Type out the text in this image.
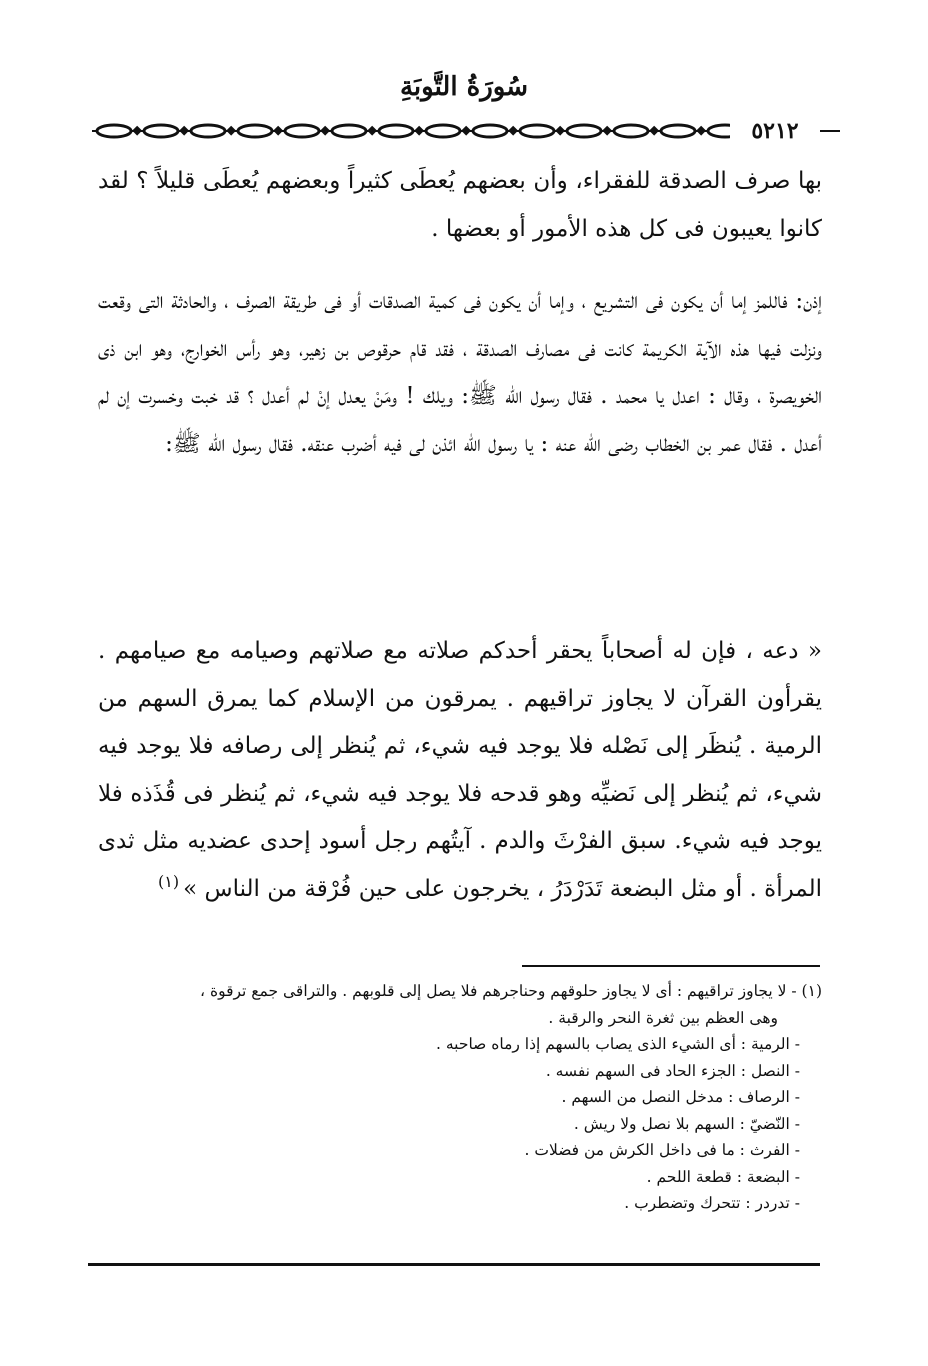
سُورَةُ التَّوبَةِ
٥٢١٢

بها صرف الصدقة للفقراء، وأن بعضهم يُعطَى كثيراً وبعضهم يُعطَى قليلاً ؟ لقد كانوا يعيبون فى كل هذه الأمور أو بعضها .

إذن: فاللمز إما أن يكون فى التشريع ، وإما أن يكون فى كمية الصدقات أو فى طريقة الصرف ، والحادثة التى وقعت ونزلت فيها هذه الآية الكريمة كانت فى مصارف الصدقة ، فقد قام حرقوص بن زهير، وهو رأس الخوارج، وهو ابن ذى الخويصرة ، وقال : اعدل يا محمد . فقال رسول الله ﷺ: ويلك ! ومَنْ يعدل إنْ لم أعدل ؟ قد خبت وخسرت إن لم أعدل . فقال عمر بن الخطاب رضى الله عنه : يا رسول الله ائذن لى فيه أضرب عنقه. فقال رسول الله ﷺ:

« دعه ، فإن له أصحاباً يحقر أحدكم صلاته مع صلاتهم وصيامه مع صيامهم . يقرأون القرآن لا يجاوز تراقيهم . يمرقون من الإسلام كما يمرق السهم من الرمية . يُنظَر إلى نَصْله فلا يوجد فيه شيء، ثم يُنظر إلى رصافه فلا يوجد فيه شيء، ثم يُنظر إلى نَضيِّه وهو قدحه فلا يوجد فيه شيء، ثم يُنظر فى قُذَذه فلا يوجد فيه شيء. سبق الفرْثَ والدم . آيتُهم رجل أسود إحدى عضديه مثل ثدى المرأة . أو مثل البضعة تَدَرْدَرُ ، يخرجون على حين فُرْقة من الناس »$^{(١)}$

(١) - لا يجاوز تراقيهم : أى لا يجاوز حلوقهم وحناجرهم فلا يصل إلى قلوبهم . والتراقى جمع ترقوة ،

وهى العظم بين ثغرة النحر والرقبة .

- الرمية : أى الشيء الذى يصاب بالسهم إذا رماه صاحبه .

- النصل : الجزء الحاد فى السهم نفسه .

- الرصاف : مدخل النصل من السهم .

- النّضيّ : السهم بلا نصل ولا ريش .

- الفرث : ما فى داخل الكرش من فضلات .

- البضعة : قطعة اللحم .

- تدردر : تتحرك وتضطرب .
